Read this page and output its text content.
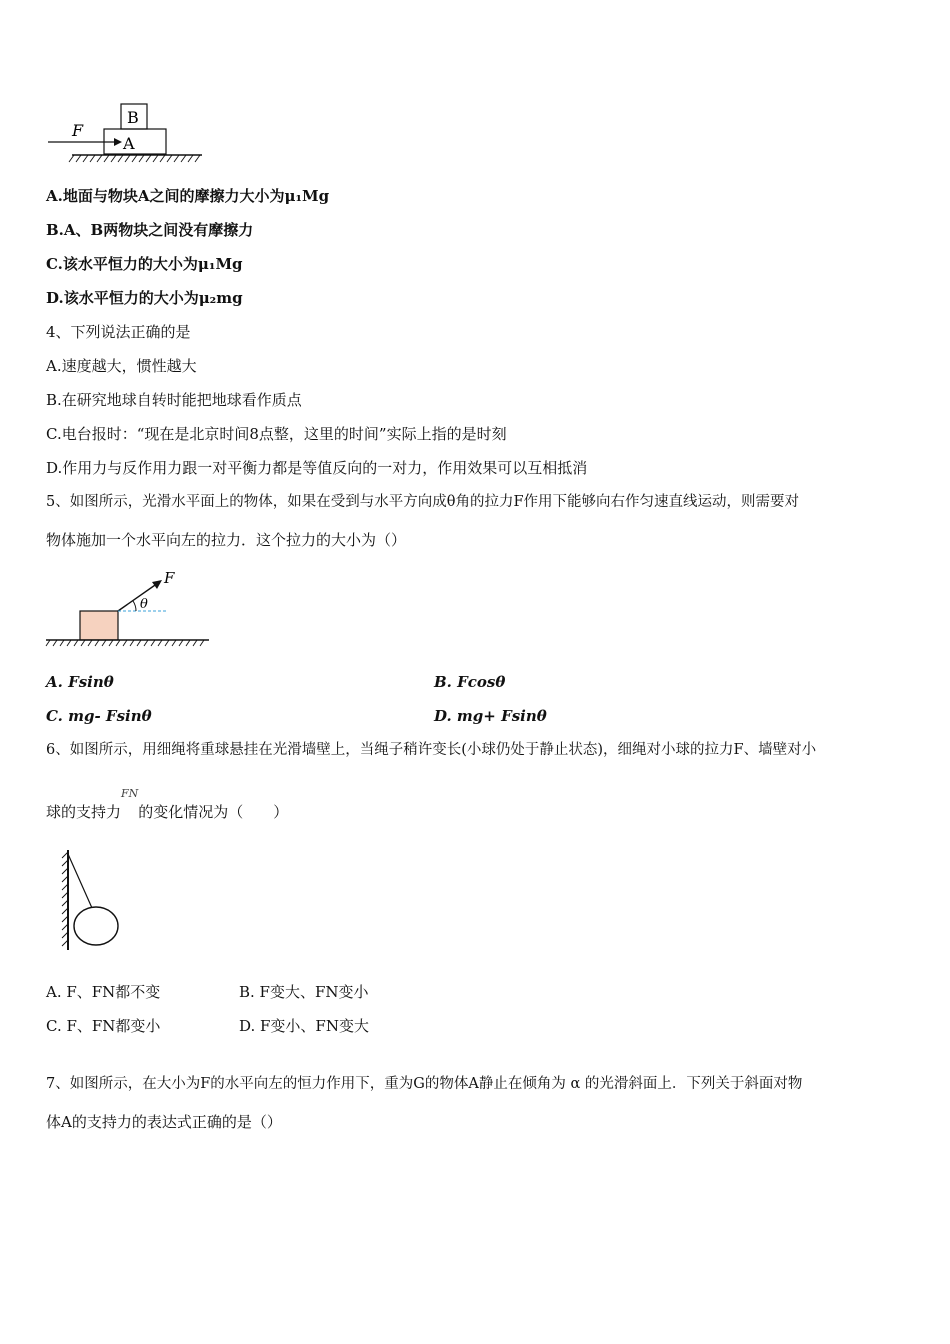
F
A
B
A.地面与物块A之间的摩擦力大小为μ₁Mg
B.A、B两物块之间没有摩擦力
C.该水平恒力的大小为μ₁Mg
D.该水平恒力的大小为μ₂mg
4、下列说法正确的是
A.速度越大，惯性越大
B.在研究地球自转时能把地球看作质点
C.电台报时：“现在是北京时间8点整，这里的时间”实际上指的是时刻
D.作用力与反作用力跟一对平衡力都是等值反向的一对力，作用效果可以互相抵消
5、如图所示，光滑水平面上的物体，如果在受到与水平方向成θ角的拉力F作用下能够向右作匀速直线运动，则需要对
物体施加一个水平向左的拉力．这个拉力的大小为（）
F
θ
A. Fsinθ	B. Fcosθ
C. mg- Fsinθ	D. mg+ Fsinθ
6、如图所示，用细绳将重球悬挂在光滑墙壁上，当绳子稍许变长(小球仍处于静止状态)，细绳对小球的拉力F、墙壁对小
球的支持力$^{FN}$的变化情况为（　　）
A. F、FN都不变	B. F变大、FN变小
C. F、FN都变小	D. F变小、FN变大
7、如图所示，在大小为F的水平向左的恒力作用下，重为G的物体A静止在倾角为 α 的光滑斜面上．下列关于斜面对物
体A的支持力的表达式正确的是（）
